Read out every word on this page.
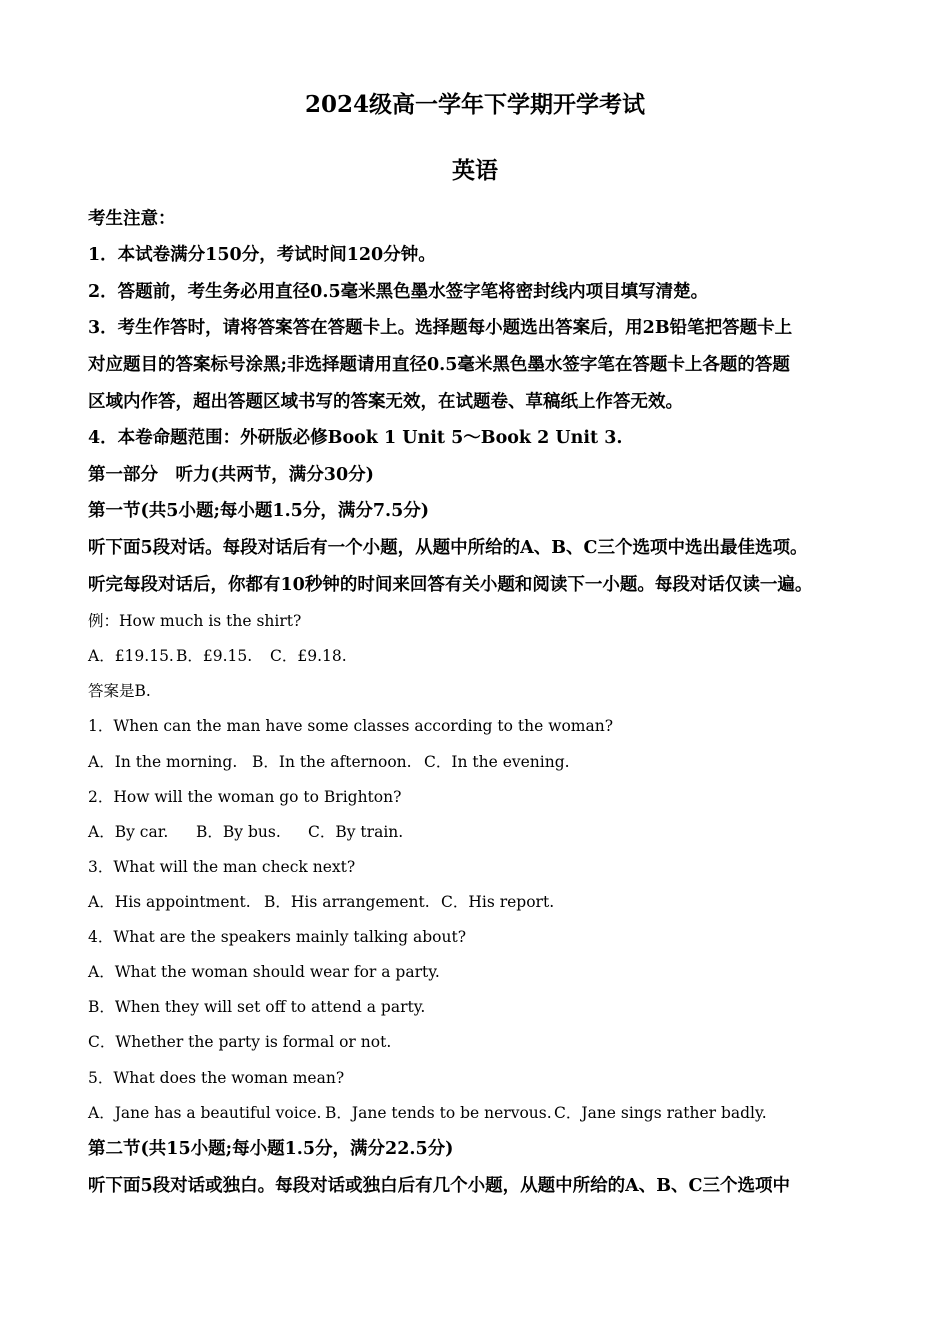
2024级高一学年下学期开学考试
英语
考生注意：
1．本试卷满分150分，考试时间120分钟。
2．答题前，考生务必用直径0.5毫米黑色墨水签字笔将密封线内项目填写清楚。
3．考生作答时，请将答案答在答题卡上。选择题每小题选出答案后，用2B铅笔把答题卡上
对应题目的答案标号涂黑;非选择题请用直径0.5毫米黑色墨水签字笔在答题卡上各题的答题
区域内作答，超出答题区域书写的答案无效，在试题卷、草稿纸上作答无效。
4．本卷命题范围：外研版必修Book 1 Unit 5～Book 2 Unit 3.
第一部分　听力(共两节，满分30分)
第一节(共5小题;每小题1.5分，满分7.5分)
听下面5段对话。每段对话后有一个小题，从题中所给的A、B、C三个选项中选出最佳选项。
听完每段对话后，你都有10秒钟的时间来回答有关小题和阅读下一小题。每段对话仅读一遍。
例：How much is the shirt?
A．£19.15. B．£9.15. C．£9.18.
答案是B.
1．When can the man have some classes according to the woman?
A．In the morning. B．In the afternoon. C．In the evening.
2．How will the woman go to Brighton?
A．By car. B．By bus. C．By train.
3．What will the man check next?
A．His appointment. B．His arrangement. C．His report.
4．What are the speakers mainly talking about?
A．What the woman should wear for a party.
B．When they will set off to attend a party.
C．Whether the party is formal or not.
5．What does the woman mean?
A．Jane has a beautiful voice. B．Jane tends to be nervous. C．Jane sings rather badly.
第二节(共15小题;每小题1.5分，满分22.5分)
听下面5段对话或独白。每段对话或独白后有几个小题，从题中所给的A、B、C三个选项中
